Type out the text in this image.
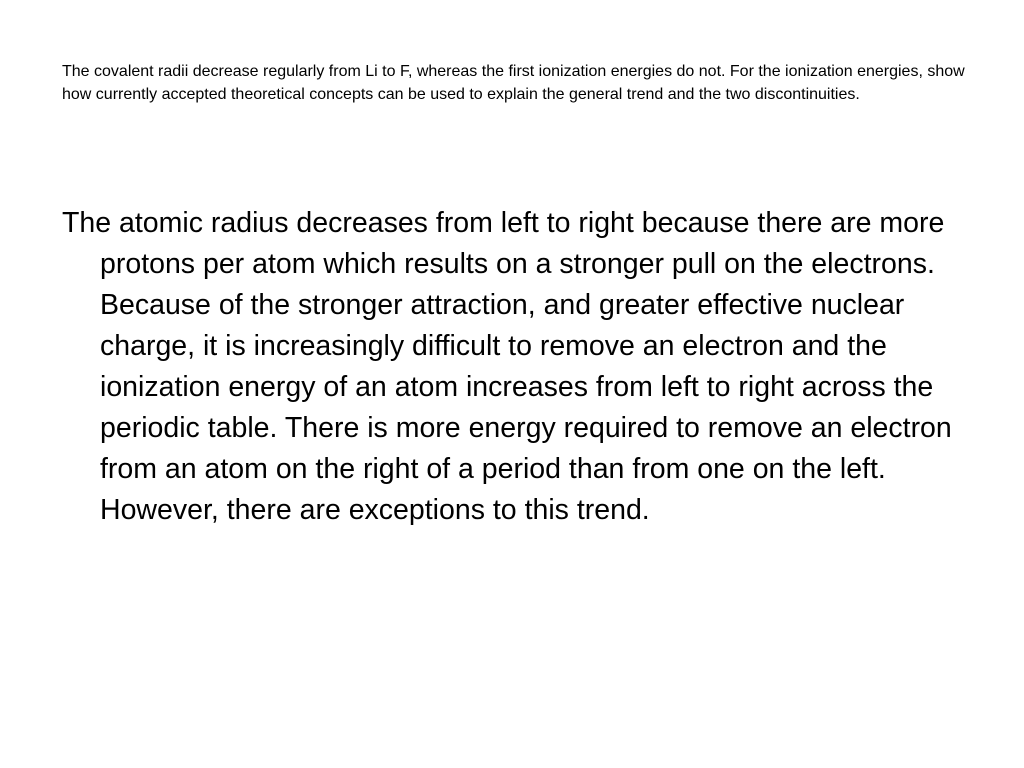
The covalent radii decrease regularly from Li to F, whereas the first ionization energies do not. For the ionization energies, show how currently accepted theoretical concepts can be used to explain the general trend and the two discontinuities.

The atomic radius decreases from left to right because there are more protons per atom which results on a stronger pull on the electrons. Because of the stronger attraction, and greater effective nuclear charge, it is increasingly difficult to remove an electron and the ionization energy of an atom increases from left to right across the periodic table. There is more energy required to remove an electron from an atom on the right of a period than from one on the left. However, there are exceptions to this trend.
